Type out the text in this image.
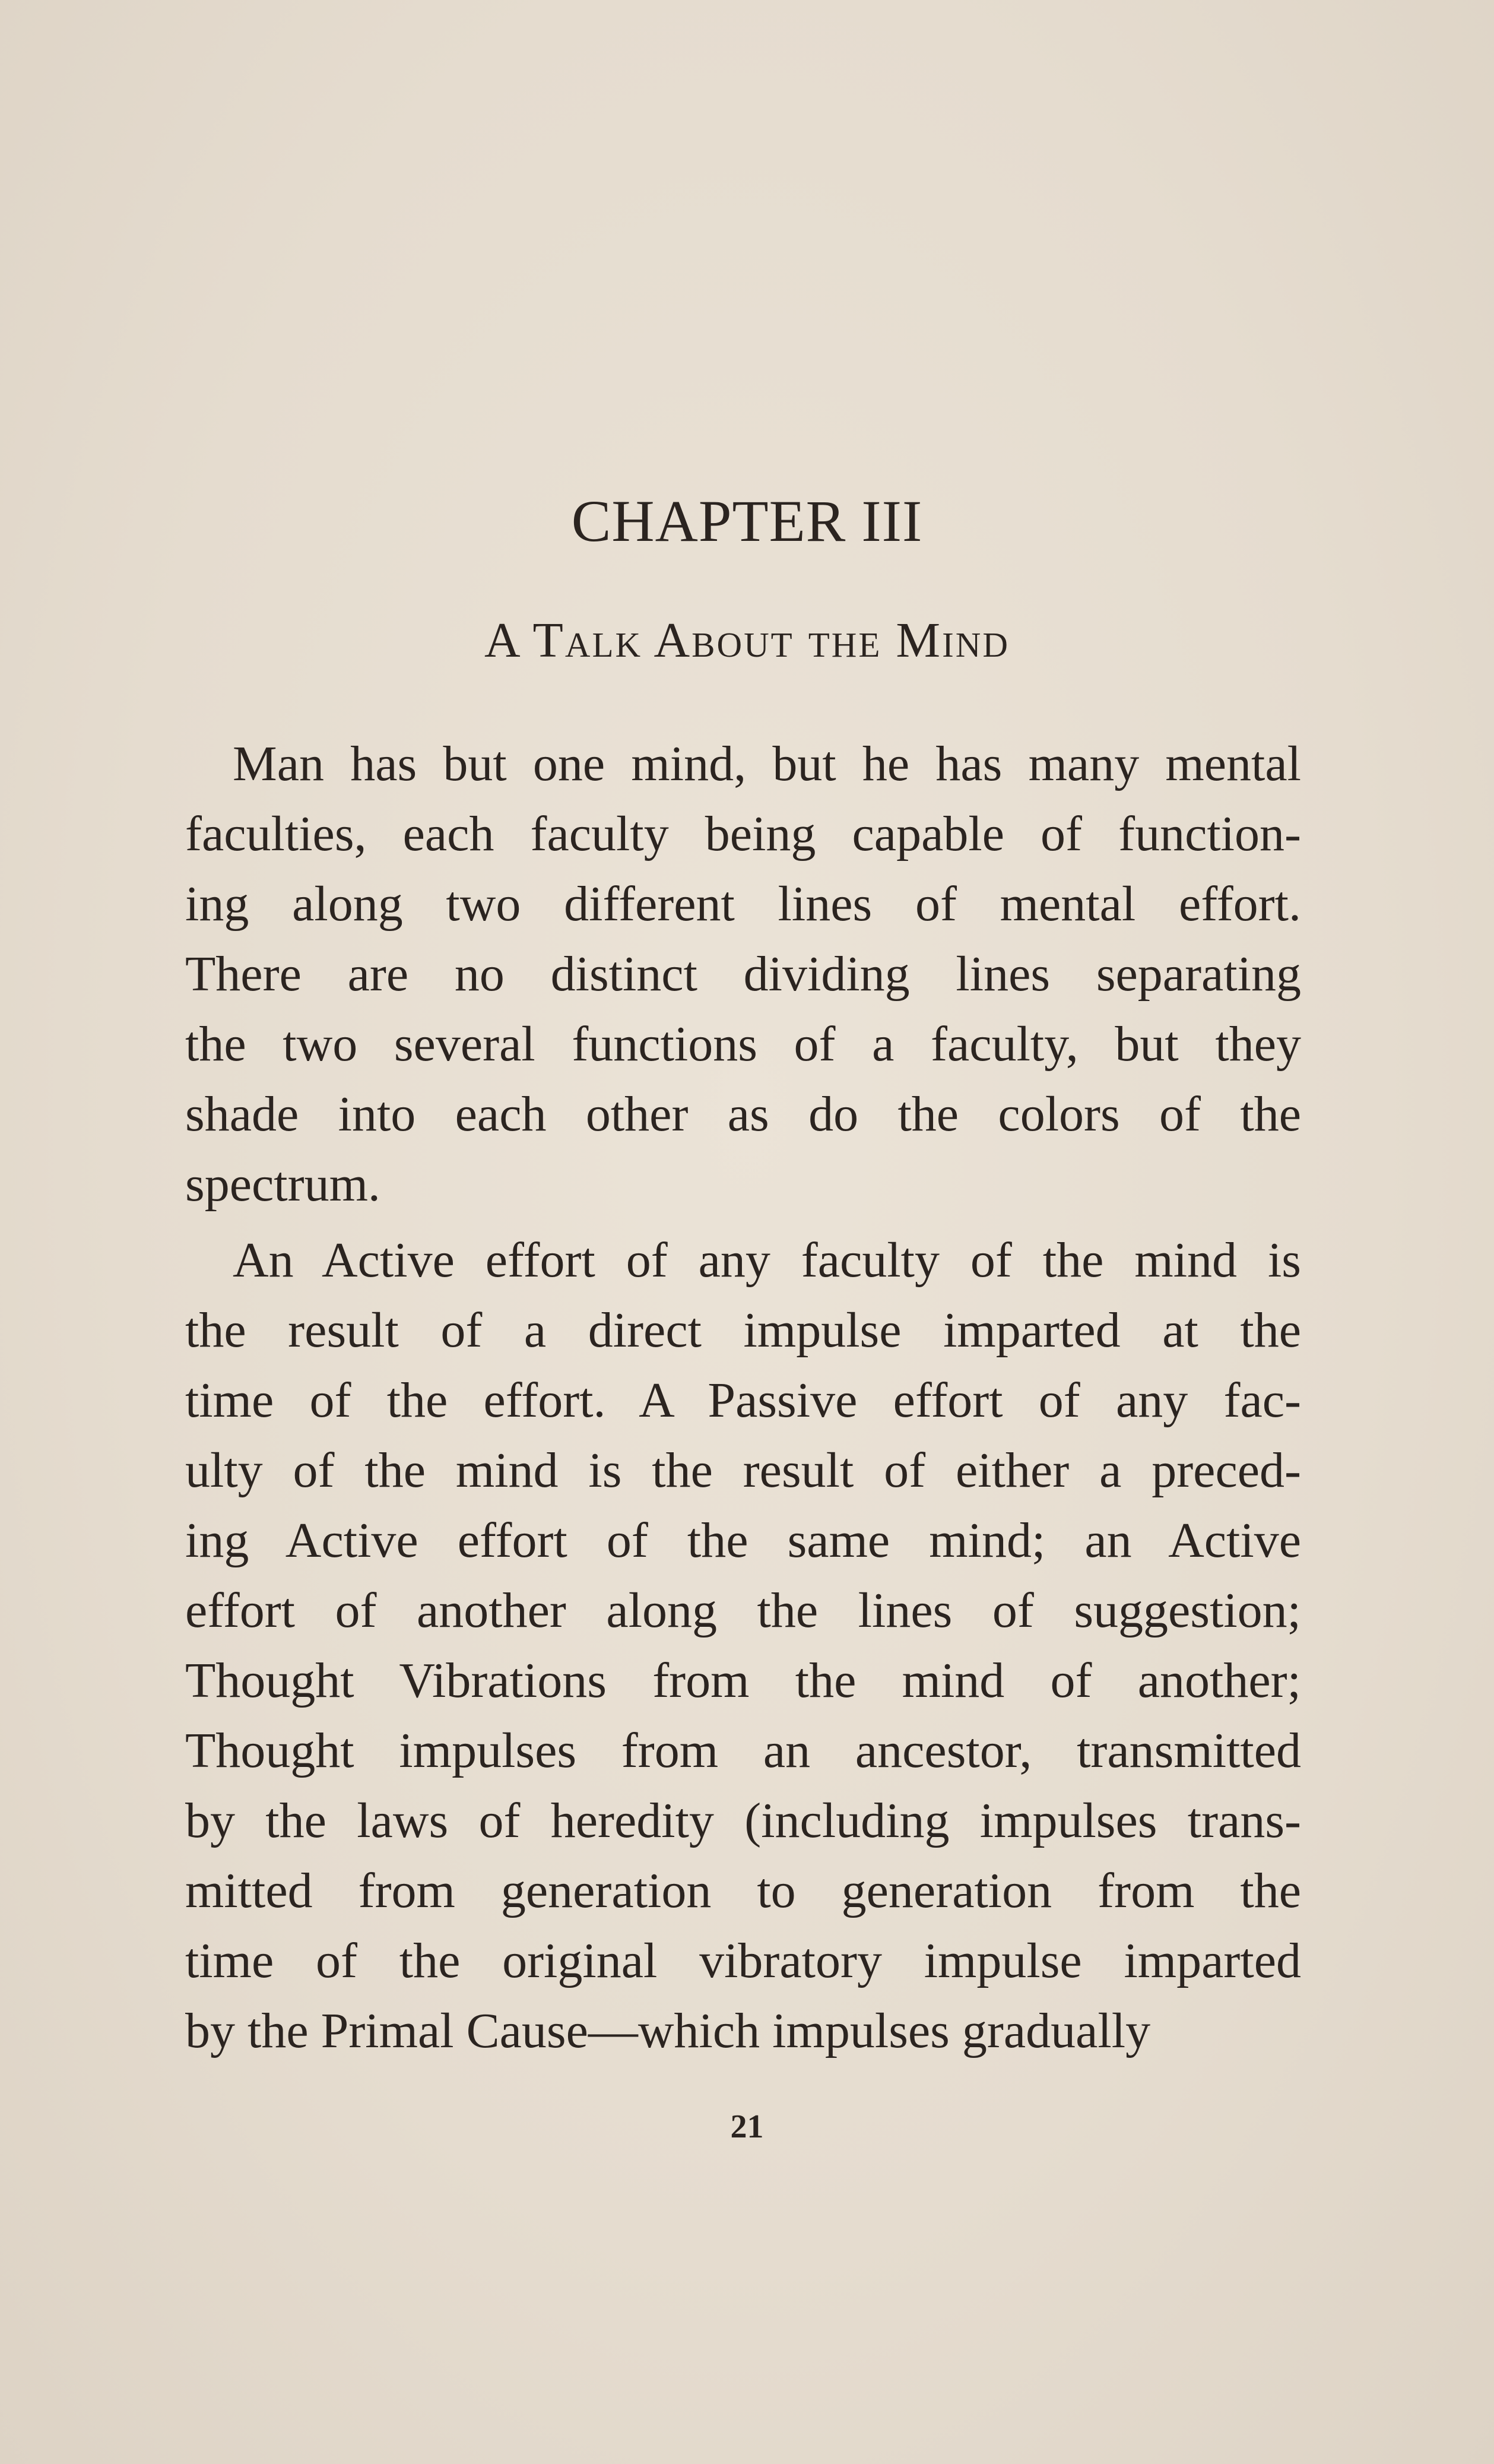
CHAPTER III
A Talk About the Mind
Man has but one mind, but he has many mental
faculties, each faculty being capable of function-
ing along two different lines of mental effort.
There are no distinct dividing lines separating
the two several functions of a faculty, but they
shade into each other as do the colors of the
spectrum.
An Active effort of any faculty of the mind is
the result of a direct impulse imparted at the
time of the effort. A Passive effort of any fac-
ulty of the mind is the result of either a preced-
ing Active effort of the same mind; an Active
effort of another along the lines of suggestion;
Thought Vibrations from the mind of another;
Thought impulses from an ancestor, transmitted
by the laws of heredity (including impulses trans-
mitted from generation to generation from the
time of the original vibratory impulse imparted
by the Primal Cause—which impulses gradually
21
